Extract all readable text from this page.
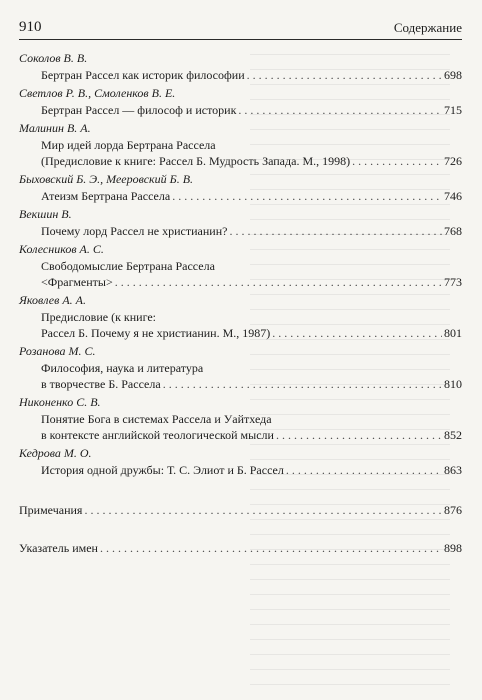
910	Содержание
Соколов В. В.
Бертран Рассел как историк философии . . .	698
Светлов Р. В., Смоленков В. Е.
Бертран Рассел — философ и историк . . .	715
Малинин В. А.
Мир идей лорда Бертрана Рассела
(Предисловие к книге: Рассел Б. Мудрость Запада. М., 1998) . . .	726
Быховский Б. Э., Мееровский Б. В.
Атеизм Бертрана Рассела . . .	746
Векшин В.
Почему лорд Рассел не христианин? . . .	768
Колесников А. С.
Свободомыслие Бертрана Рассела
<Фрагменты> . . .	773
Яковлев А. А.
Предисловие (к книге:
Рассел Б. Почему я не христианин. М., 1987) . . .	801
Розанова М. С.
Философия, наука и литература
в творчестве Б. Рассела . . .	810
Никоненко С. В.
Понятие Бога в системах Рассела и Уайтхеда
в контексте английской теологической мысли . . .	852
Кедрова М. О.
История одной дружбы: Т. С. Элиот и Б. Рассел . . .	863
Примечания . . .	876
Указатель имен . . .	898
